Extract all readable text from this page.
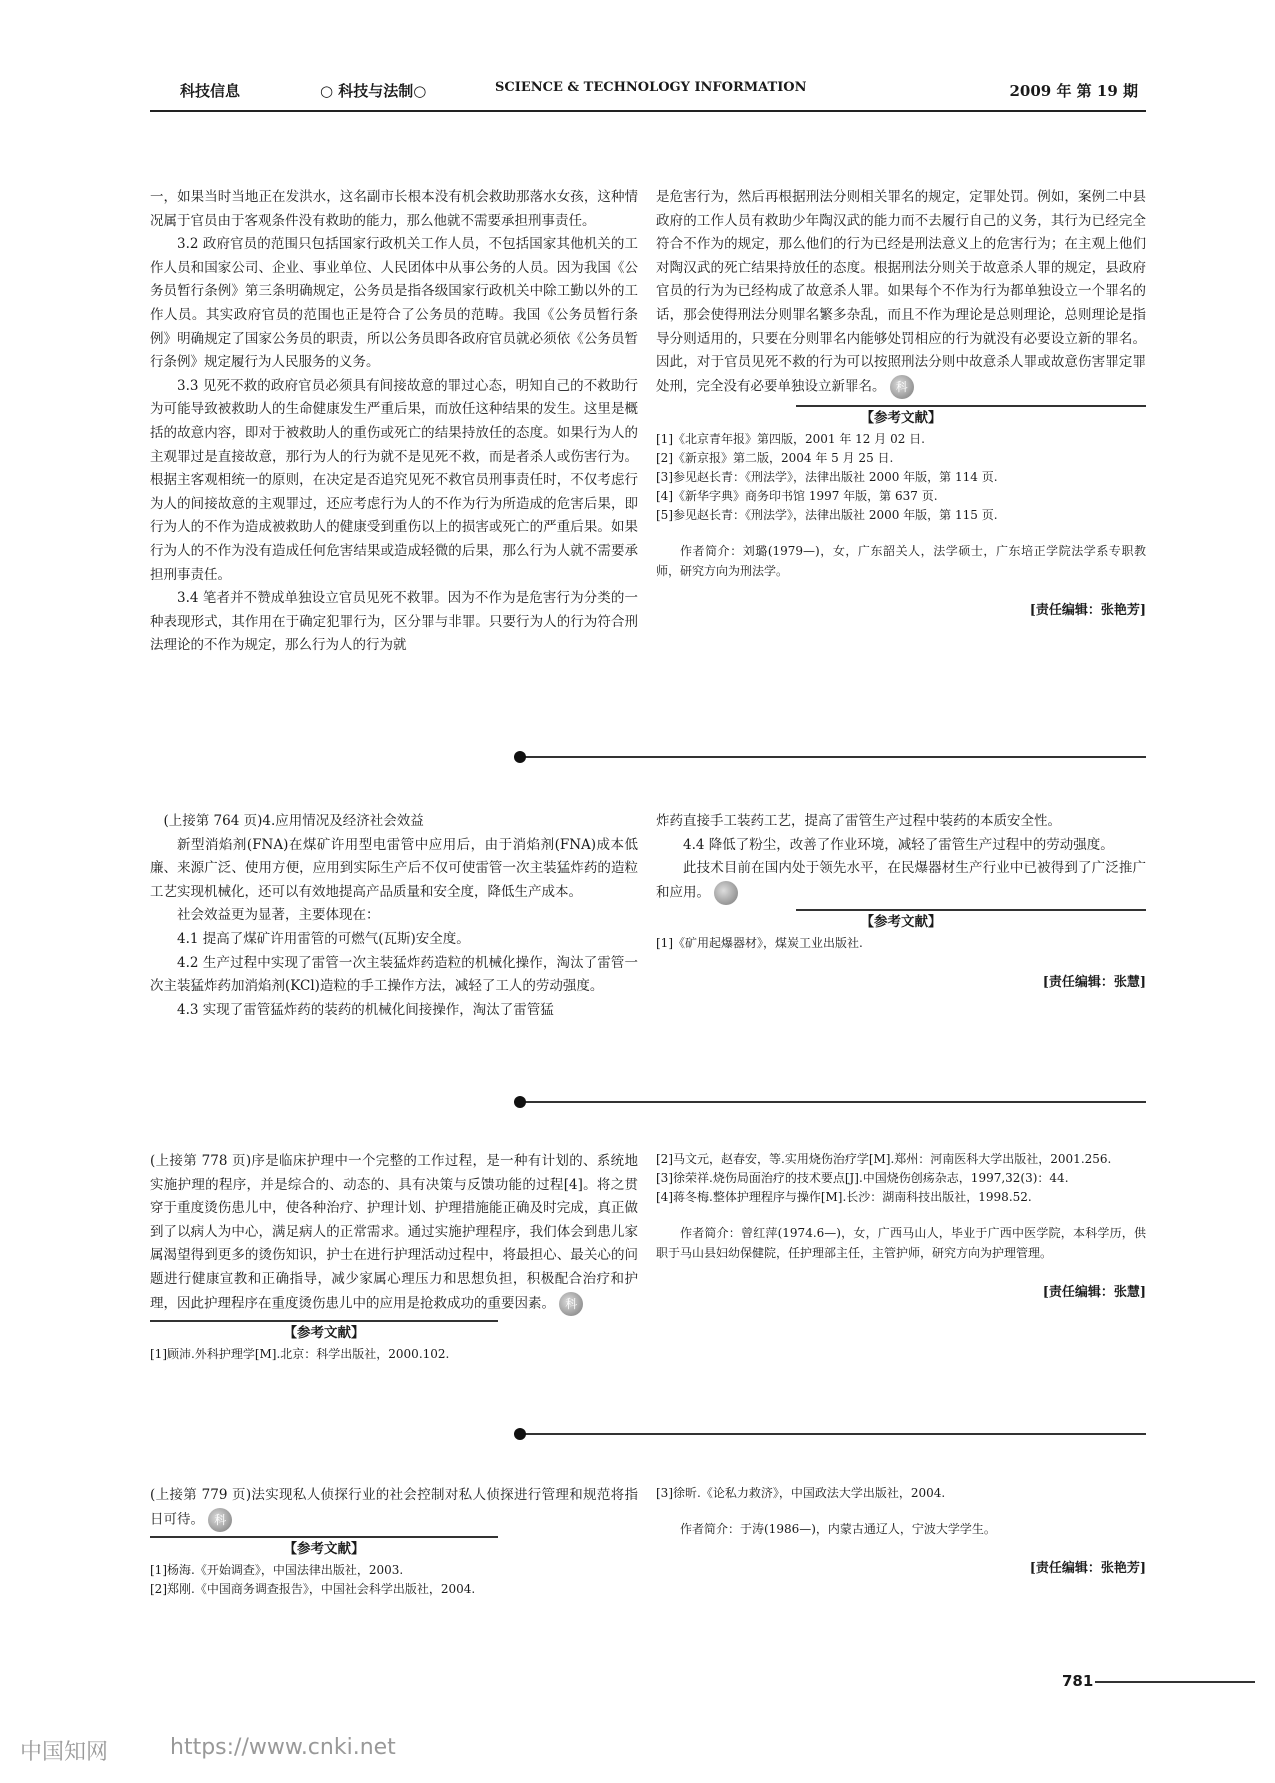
科技信息	○ 科技与法制○	SCIENCE & TECHNOLOGY INFORMATION	2009 年 第 19 期

一，如果当时当地正在发洪水，这名副市长根本没有机会救助那落水女孩，这种情况属于官员由于客观条件没有救助的能力，那么他就不需要承担刑事责任。

3.2 政府官员的范围只包括国家行政机关工作人员，不包括国家其他机关的工作人员和国家公司、企业、事业单位、人民团体中从事公务的人员。因为我国《公务员暂行条例》第三条明确规定，公务员是指各级国家行政机关中除工勤以外的工作人员。其实政府官员的范围也正是符合了公务员的范畴。我国《公务员暂行条例》明确规定了国家公务员的职责，所以公务员即各政府官员就必须依《公务员暂行条例》规定履行为人民服务的义务。

3.3 见死不救的政府官员必须具有间接故意的罪过心态，明知自己的不救助行为可能导致被救助人的生命健康发生严重后果，而放任这种结果的发生。这里是概括的故意内容，即对于被救助人的重伤或死亡的结果持放任的态度。如果行为人的主观罪过是直接故意，那行为人的行为就不是见死不救，而是者杀人或伤害行为。根据主客观相统一的原则，在决定是否追究见死不救官员刑事责任时，不仅考虑行为人的间接故意的主观罪过，还应考虑行为人的不作为行为所造成的危害后果，即行为人的不作为造成被救助人的健康受到重伤以上的损害或死亡的严重后果。如果行为人的不作为没有造成任何危害结果或造成轻微的后果，那么行为人就不需要承担刑事责任。

3.4 笔者并不赞成单独设立官员见死不救罪。因为不作为是危害行为分类的一种表现形式，其作用在于确定犯罪行为，区分罪与非罪。只要行为人的行为符合刑法理论的不作为规定，那么行为人的行为就

是危害行为，然后再根据刑法分则相关罪名的规定，定罪处罚。例如，案例二中县政府的工作人员有救助少年陶汉武的能力而不去履行自己的义务，其行为已经完全符合不作为的规定，那么他们的行为已经是刑法意义上的危害行为；在主观上他们对陶汉武的死亡结果持放任的态度。根据刑法分则关于故意杀人罪的规定，县政府官员的行为为已经构成了故意杀人罪。如果每个不作为行为都单独设立一个罪名的话，那会使得刑法分则罪名繁多杂乱，而且不作为理论是总则理论，总则理论是指导分则适用的，只要在分则罪名内能够处罚相应的行为就没有必要设立新的罪名。因此，对于官员见死不救的行为可以按照刑法分则中故意杀人罪或故意伤害罪定罪处刑，完全没有必要单独设立新罪名。 科

【参考文献】

[1]《北京青年报》第四版，2001 年 12 月 02 日.

[2]《新京报》第二版，2004 年 5 月 25 日.

[3]参见赵长青：《刑法学》，法律出版社 2000 年版，第 114 页.

[4]《新华字典》商务印书馆 1997 年版，第 637 页.

[5]参见赵长青：《刑法学》，法律出版社 2000 年版，第 115 页.

作者简介：刘璐(1979—)，女，广东韶关人，法学硕士，广东培正学院法学系专职教师，研究方向为刑法学。

[责任编辑：张艳芳]

(上接第 764 页)4.应用情况及经济社会效益

新型消焰剂(FNA)在煤矿许用型电雷管中应用后，由于消焰剂(FNA)成本低廉、来源广泛、使用方便，应用到实际生产后不仅可使雷管一次主装猛炸药的造粒工艺实现机械化，还可以有效地提高产品质量和安全度，降低生产成本。

社会效益更为显著，主要体现在：

4.1 提高了煤矿许用雷管的可燃气(瓦斯)安全度。

4.2 生产过程中实现了雷管一次主装猛炸药造粒的机械化操作，淘汰了雷管一次主装猛炸药加消焰剂(KCl)造粒的手工操作方法，减轻了工人的劳动强度。

4.3 实现了雷管猛炸药的装药的机械化间接操作，淘汰了雷管猛

炸药直接手工装药工艺，提高了雷管生产过程中装药的本质安全性。

4.4 降低了粉尘，改善了作业环境，减轻了雷管生产过程中的劳动强度。

此技术目前在国内处于领先水平，在民爆器材生产行业中已被得到了广泛推广和应用。	科

【参考文献】

[1]《矿用起爆器材》，煤炭工业出版社.

[责任编辑：张慧]

(上接第 778 页)序是临床护理中一个完整的工作过程，是一种有计划的、系统地实施护理的程序，并是综合的、动态的、具有决策与反馈功能的过程[4]。将之贯穿于重度烫伤患儿中，使各种治疗、护理计划、护理措施能正确及时完成，真正做到了以病人为中心，满足病人的正常需求。通过实施护理程序，我们体会到患儿家属渴望得到更多的烫伤知识，护士在进行护理活动过程中，将最担心、最关心的问题进行健康宣教和正确指导，减少家属心理压力和思想负担，积极配合治疗和护理，因此护理程序在重度烫伤患儿中的应用是抢救成功的重要因素。 科

【参考文献】

[1]顾沛.外科护理学[M].北京：科学出版社，2000.102.

[2]马文元，赵春安，等.实用烧伤治疗学[M].郑州：河南医科大学出版社，2001.256.

[3]徐荣祥.烧伤局面治疗的技术要点[J].中国烧伤创疡杂志，1997,32(3)：44.

[4]蒋冬梅.整体护理程序与操作[M].长沙：湖南科技出版社，1998.52.

作者简介：曾红萍(1974.6—)，女，广西马山人，毕业于广西中医学院，本科学历，供职于马山县妇幼保健院，任护理部主任，主管护师，研究方向为护理管理。

[责任编辑：张慧]

(上接第 779 页)法实现私人侦探行业的社会控制对私人侦探进行管理和规范将指日可待。 科

【参考文献】

[1]杨海.《开始调查》，中国法律出版社，2003.

[2]郑刚.《中国商务调查报告》，中国社会科学出版社，2004.

[3]徐昕.《论私力救济》，中国政法大学出版社，2004.

作者简介：于涛(1986—)，内蒙古通辽人，宁波大学学生。

[责任编辑：张艳芳]

781
中国知网	https://www.cnki.net
